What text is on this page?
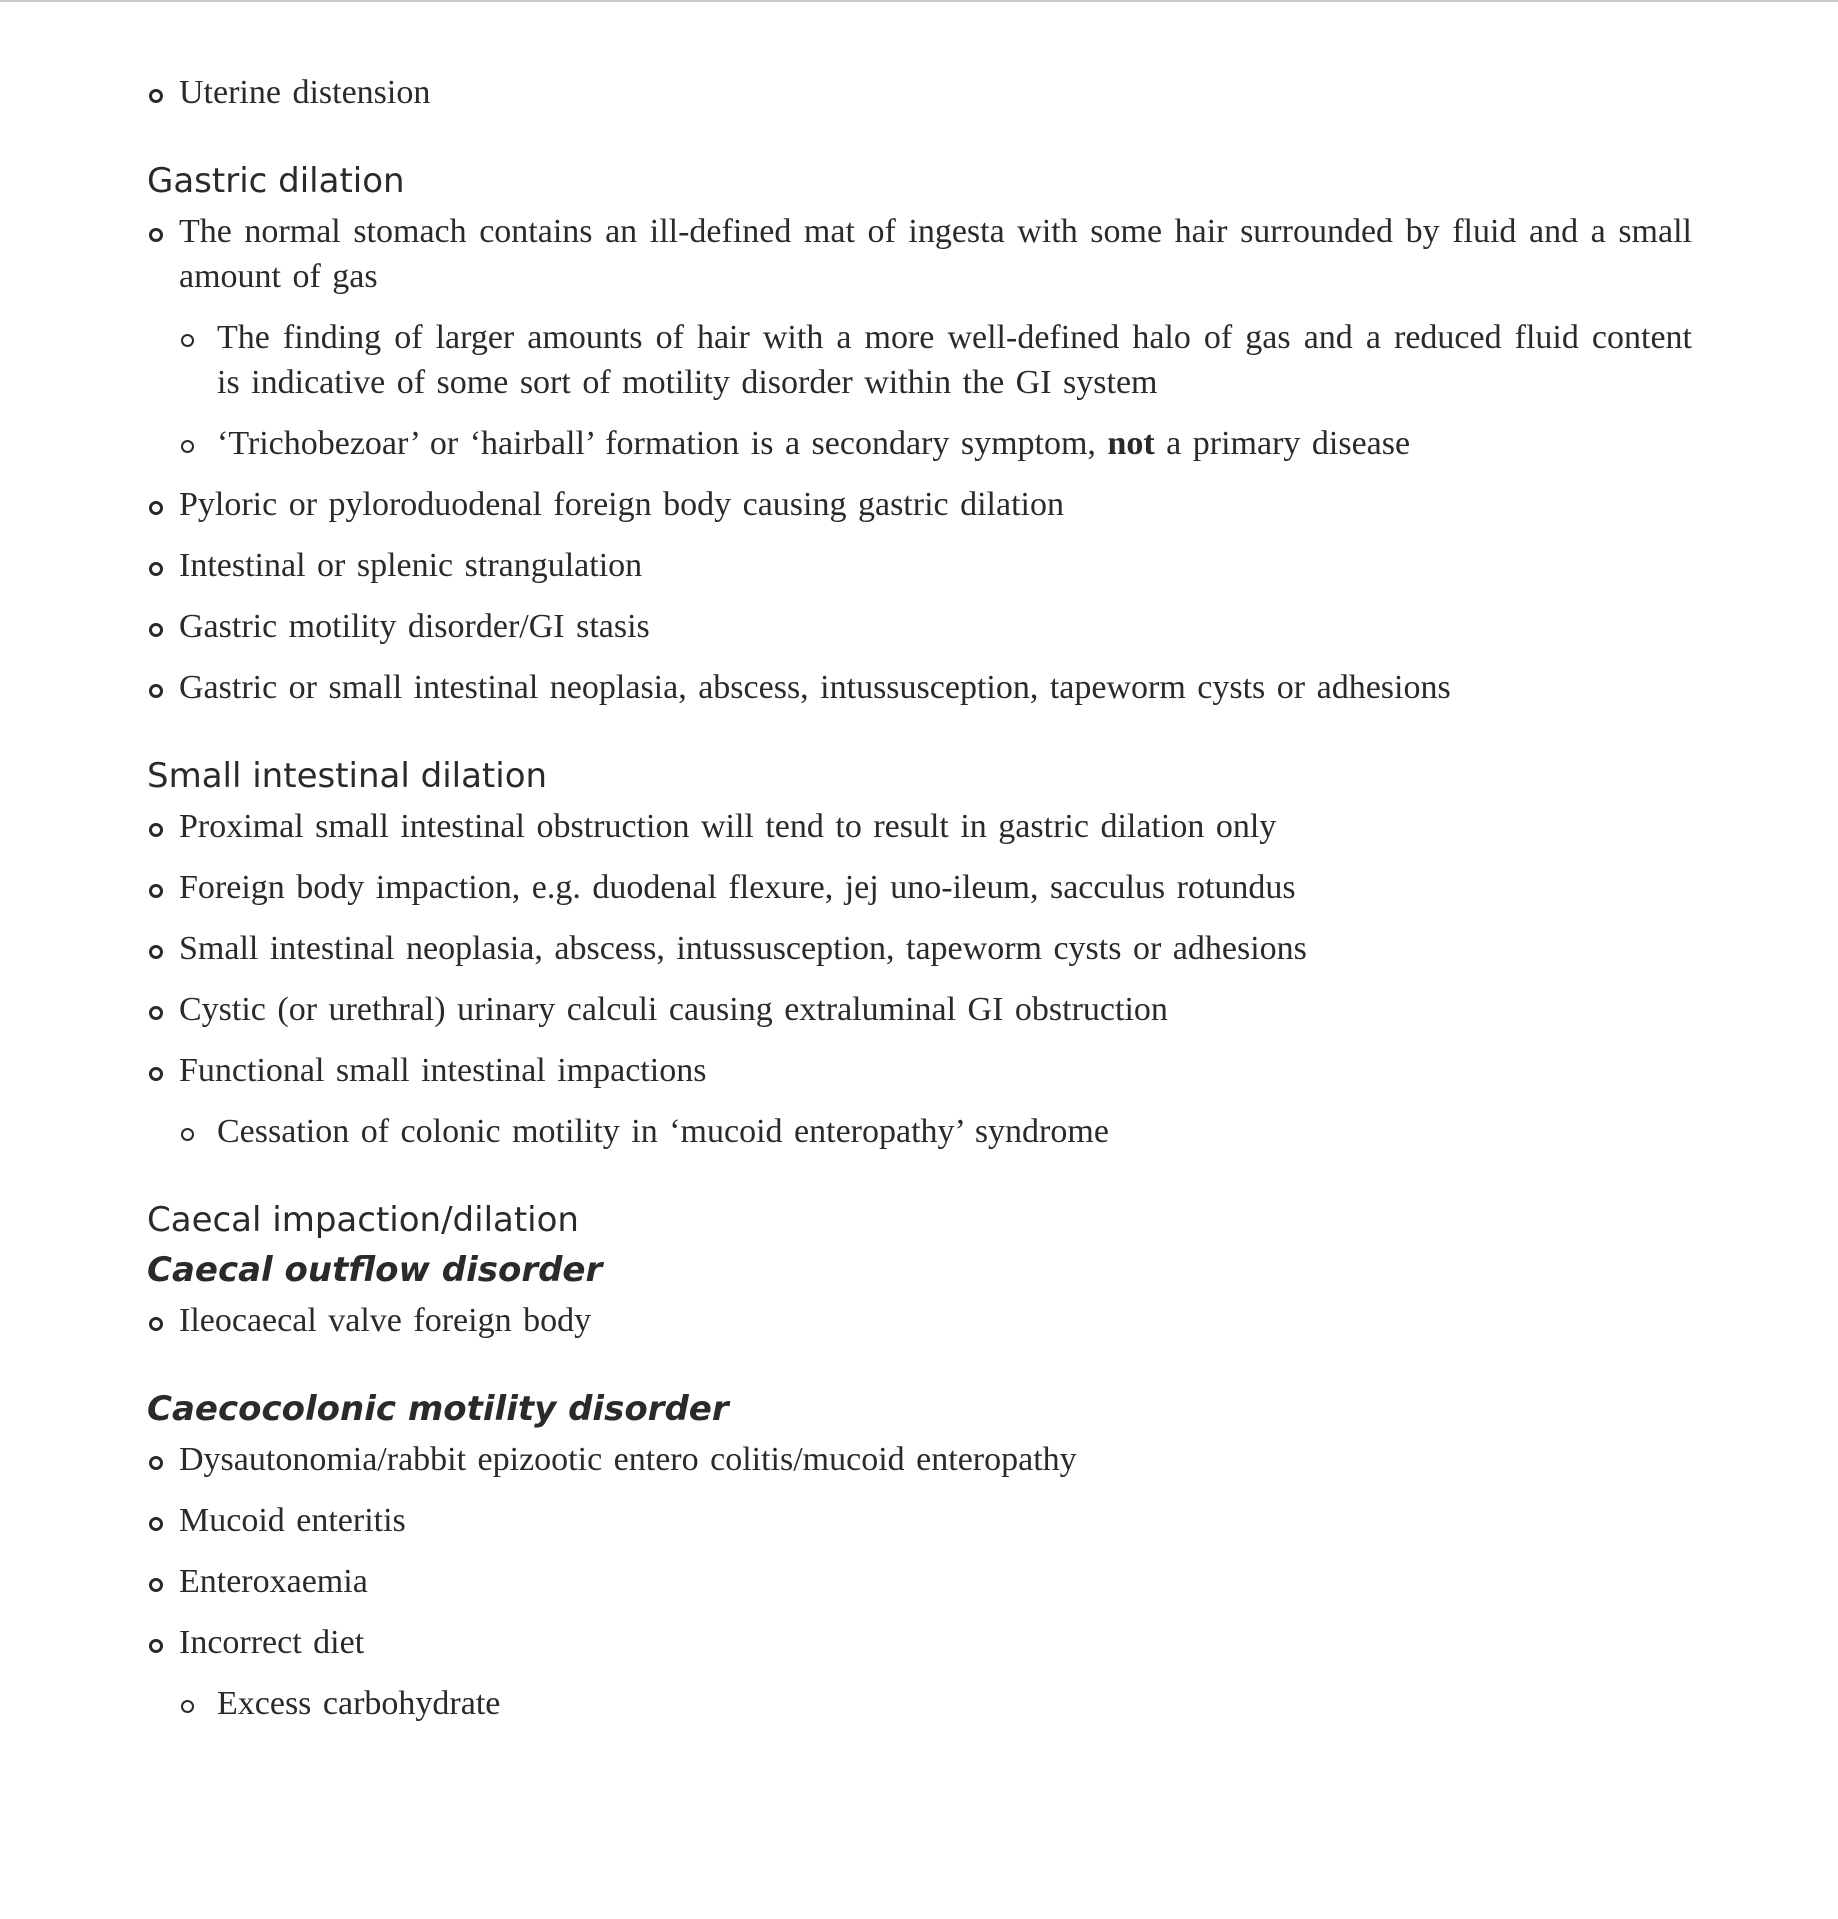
Uterine distension
Gastric dilation
The normal stomach contains an ill-defined mat of ingesta with some hair surrounded by fluid and a small amount of gas
The finding of larger amounts of hair with a more well-defined halo of gas and a reduced fluid content is indicative of some sort of motility disorder within the GI system
‘Trichobezoar’ or ‘hairball’ formation is a secondary symptom, not a primary disease
Pyloric or pyloroduodenal foreign body causing gastric dilation
Intestinal or splenic strangulation
Gastric motility disorder/GI stasis
Gastric or small intestinal neoplasia, abscess, intussusception, tapeworm cysts or adhesions
Small intestinal dilation
Proximal small intestinal obstruction will tend to result in gastric dilation only
Foreign body impaction, e.g. duodenal flexure, jej uno-ileum, sacculus rotundus
Small intestinal neoplasia, abscess, intussusception, tapeworm cysts or adhesions
Cystic (or urethral) urinary calculi causing extraluminal GI obstruction
Functional small intestinal impactions
Cessation of colonic motility in ‘mucoid enteropathy’ syndrome
Caecal impaction/dilation
Caecal outflow disorder
Ileocaecal valve foreign body
Caecocolonic motility disorder
Dysautonomia/rabbit epizootic entero colitis/mucoid enteropathy
Mucoid enteritis
Enteroxaemia
Incorrect diet
Excess carbohydrate
